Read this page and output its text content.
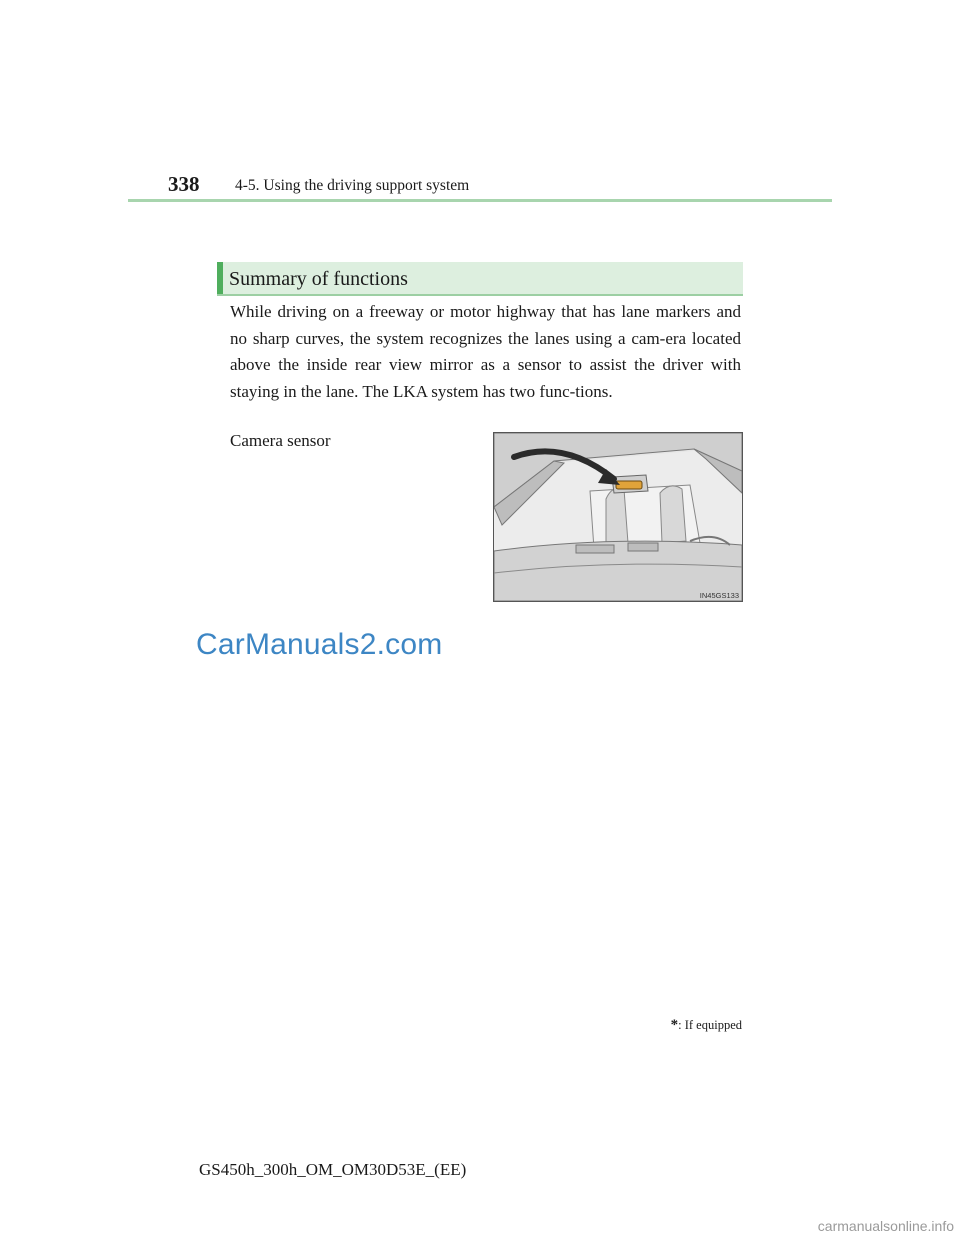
338 4-5. Using the driving support system
Summary of functions

While driving on a freeway or motor highway that has lane markers and no sharp curves, the system recognizes the lanes using a cam-era located above the inside rear view mirror as a sensor to assist the driver with staying in the lane. The LKA system has two func-tions.

Camera sensor
IN45GS133
CarManuals2.com
*: If equipped
GS450h_300h_OM_OM30D53E_(EE)
carmanualsonline.info
